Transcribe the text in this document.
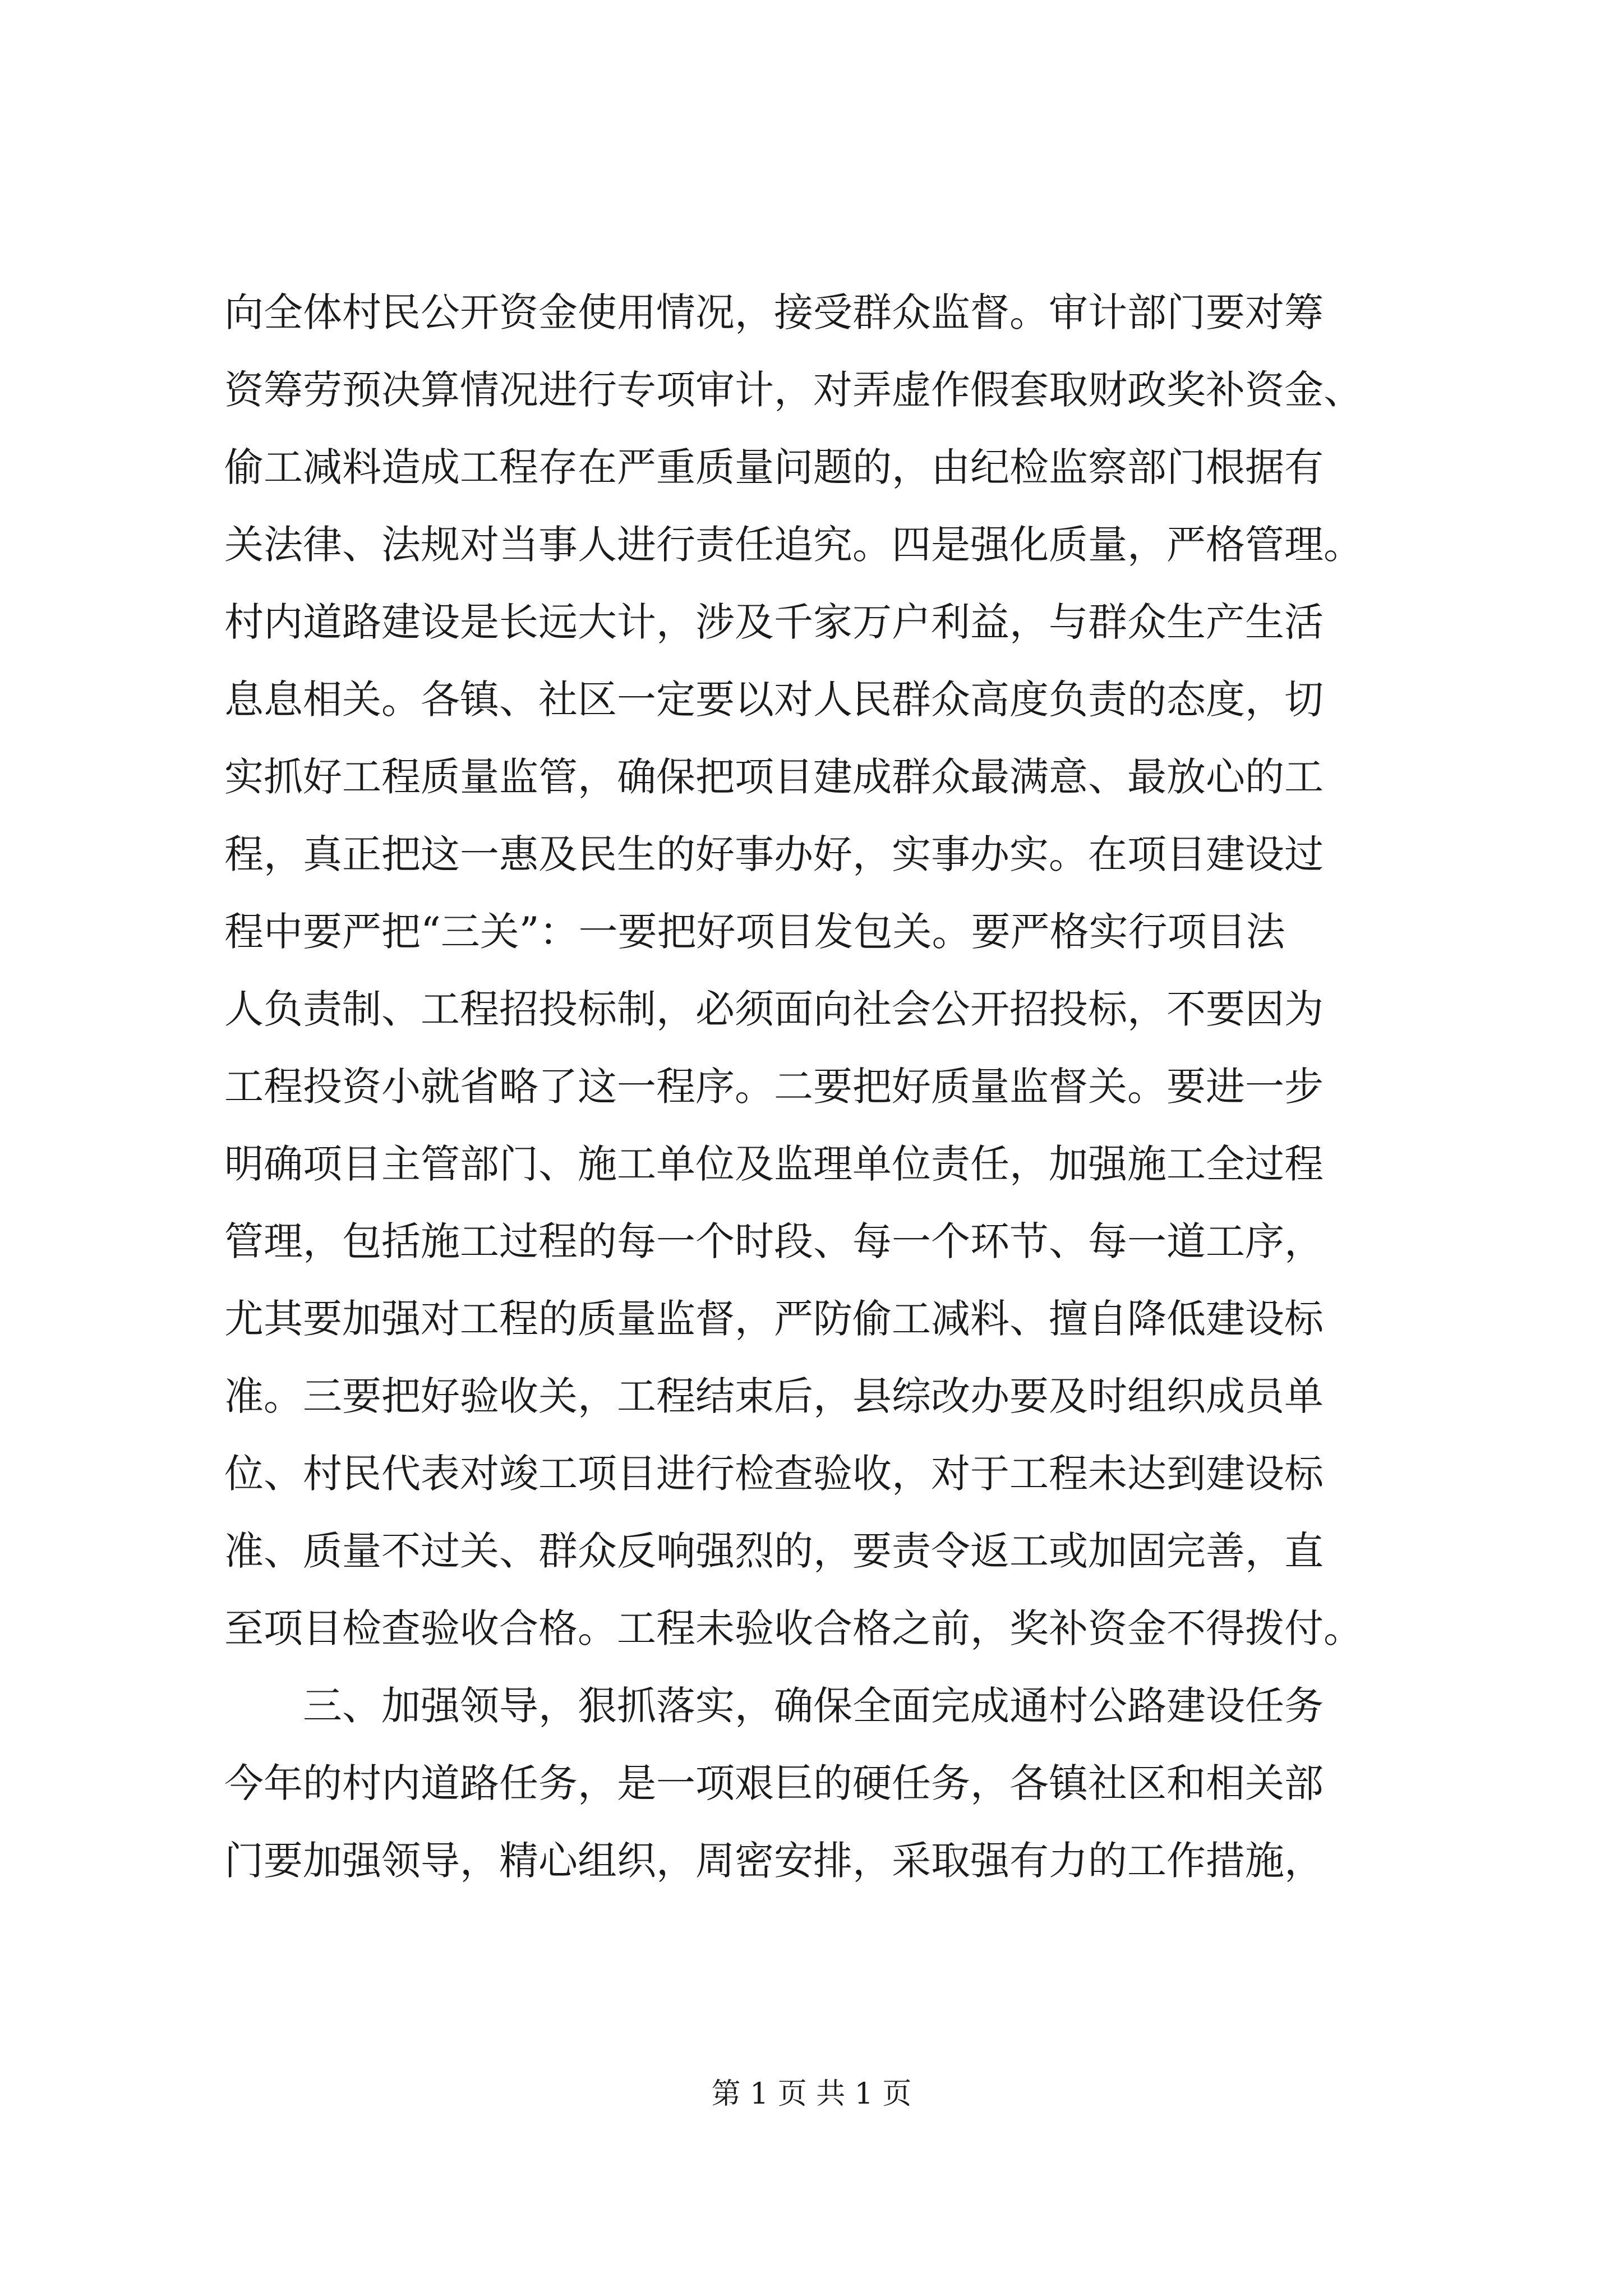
向全体村民公开资金使用情况，接受群众监督。审计部门要对筹
资筹劳预决算情况进行专项审计，对弄虚作假套取财政奖补资金、
偷工减料造成工程存在严重质量问题的，由纪检监察部门根据有
关法律、法规对当事人进行责任追究。四是强化质量，严格管理。
村内道路建设是长远大计，涉及千家万户利益，与群众生产生活
息息相关。各镇、社区一定要以对人民群众高度负责的态度，切
实抓好工程质量监管，确保把项目建成群众最满意、最放心的工
程，真正把这一惠及民生的好事办好，实事办实。在项目建设过
程中要严把“三关”：一要把好项目发包关。要严格实行项目法
人负责制、工程招投标制，必须面向社会公开招投标，不要因为
工程投资小就省略了这一程序。二要把好质量监督关。要进一步
明确项目主管部门、施工单位及监理单位责任，加强施工全过程
管理，包括施工过程的每一个时段、每一个环节、每一道工序，
尤其要加强对工程的质量监督，严防偷工减料、擅自降低建设标
准。三要把好验收关，工程结束后，县综改办要及时组织成员单
位、村民代表对竣工项目进行检查验收，对于工程未达到建设标
准、质量不过关、群众反响强烈的，要责令返工或加固完善，直
至项目检查验收合格。工程未验收合格之前，奖补资金不得拨付。
三、加强领导，狠抓落实，确保全面完成通村公路建设任务
今年的村内道路任务，是一项艰巨的硬任务，各镇社区和相关部
门要加强领导，精心组织，周密安排，采取强有力的工作措施，
第 1 页 共 1 页
